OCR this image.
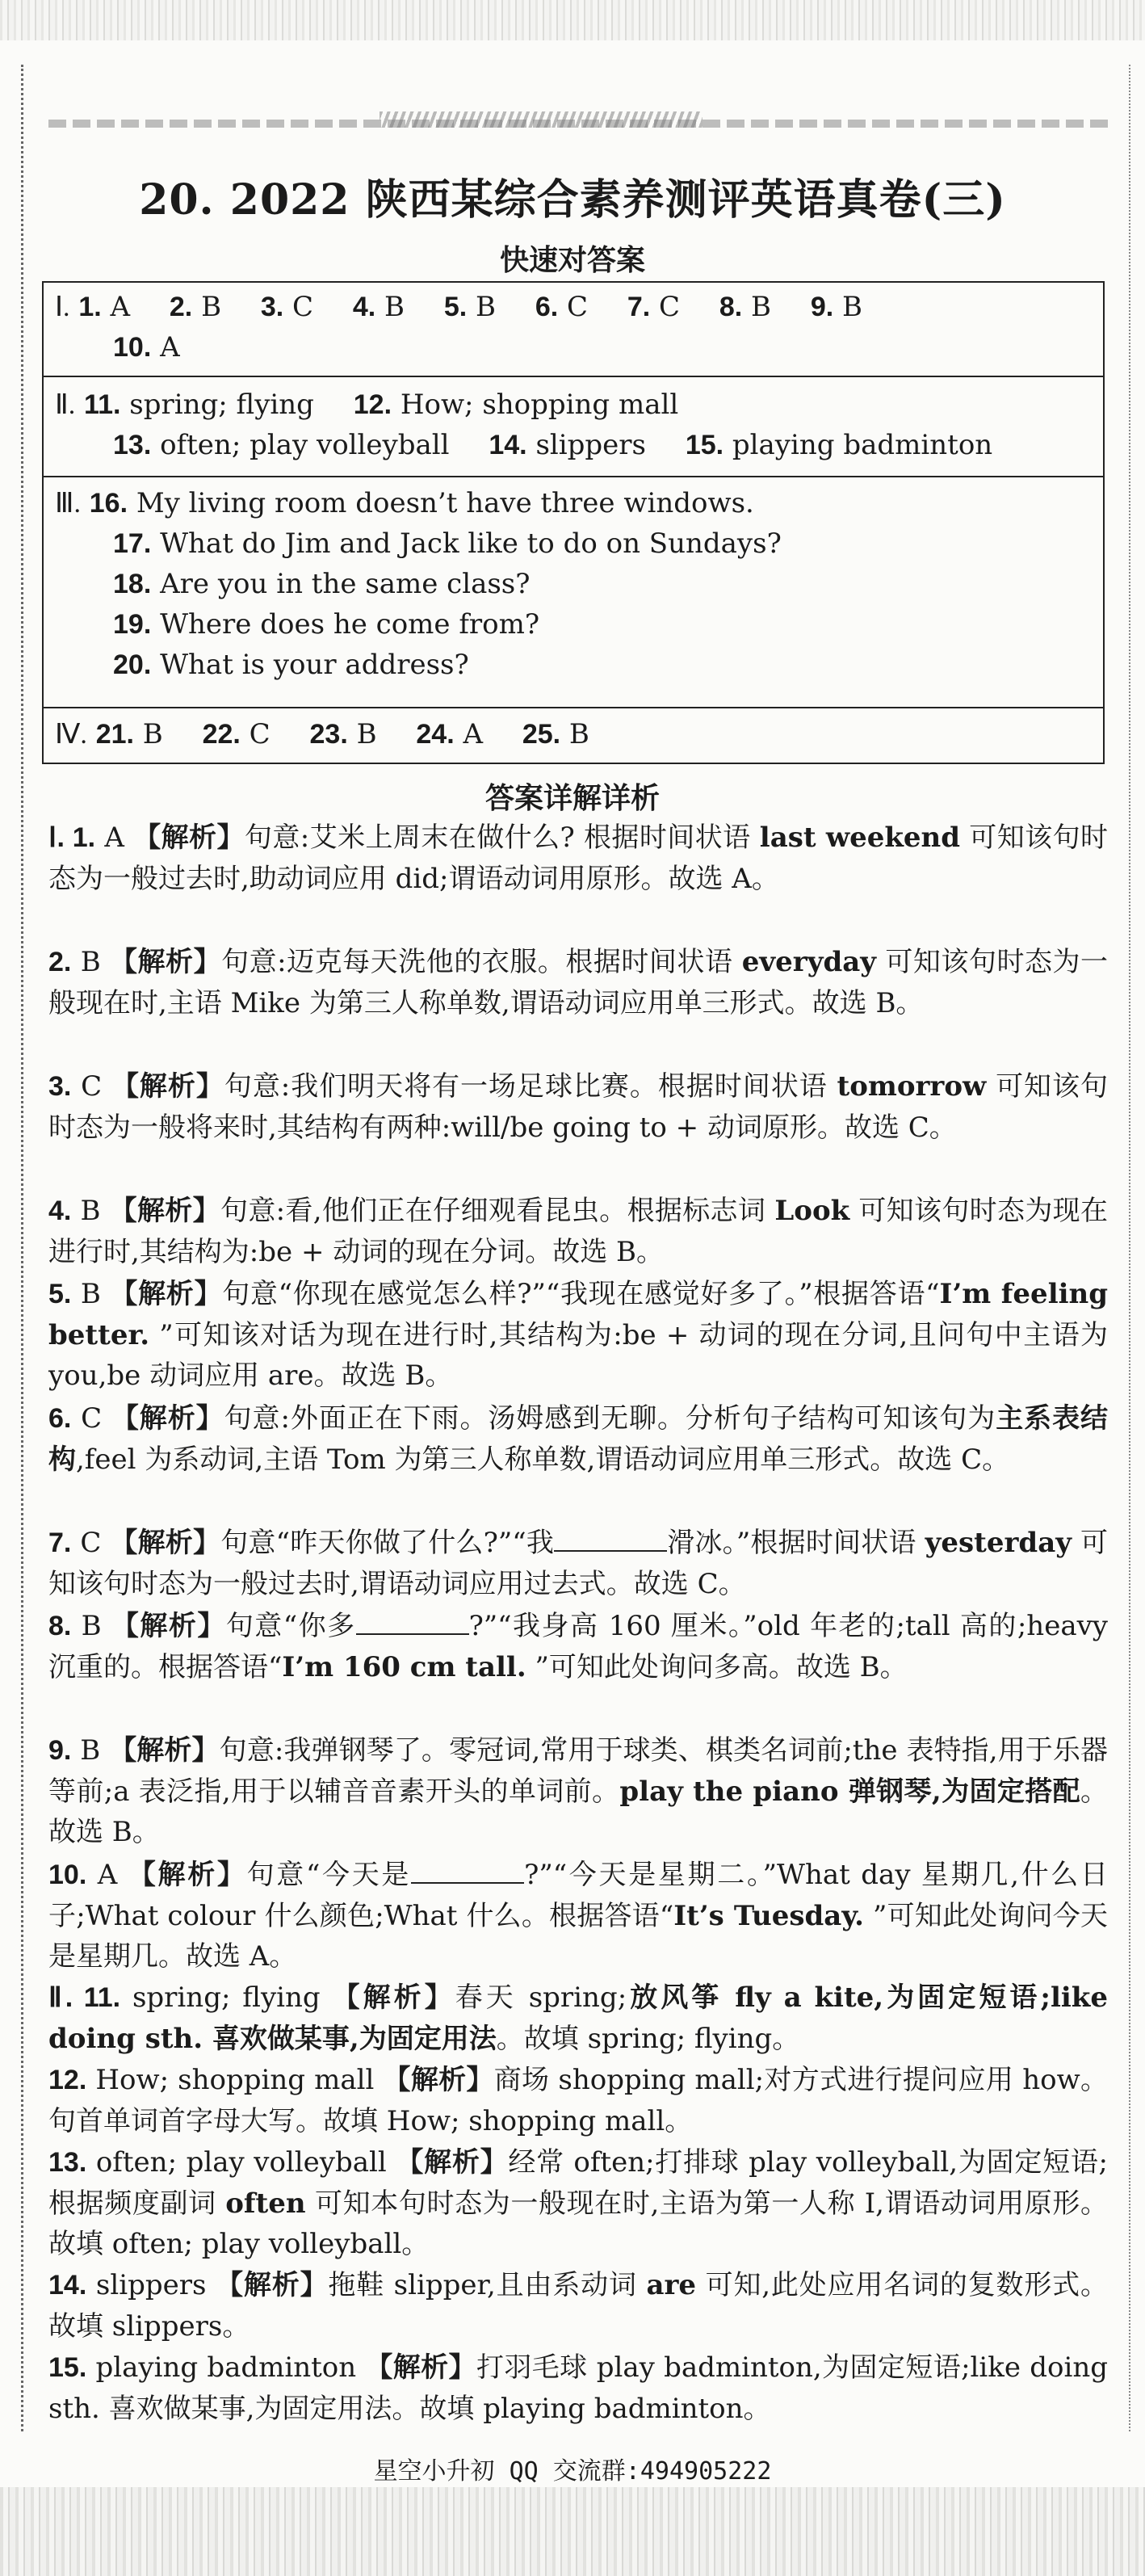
20. 2022 陕西某综合素养测评英语真卷(三)
快速对答案
Ⅰ. 1. A 2. B 3. C 4. B 5. B 6. C 7. C 8. B 9. B
10. A
Ⅱ. 11. spring; flying 12. How; shopping mall
13. often; play volleyball 14. slippers 15. playing badminton
Ⅲ. 16. My living room doesn’t have three windows.
17. What do Jim and Jack like to do on Sundays?
18. Are you in the same class?
19. Where does he come from?
20. What is your address?
Ⅳ. 21. B 22. C 23. B 24. A 25. B
答案详解详析
Ⅰ. 1. A 【解析】句意:艾米上周末在做什么? 根据时间状语 last weekend 可知该句时态为一般过去时,助动词应用 did;谓语动词用原形。故选 A。
2. B 【解析】句意:迈克每天洗他的衣服。根据时间状语 everyday 可知该句时态为一般现在时,主语 Mike 为第三人称单数,谓语动词应用单三形式。故选 B。
3. C 【解析】句意:我们明天将有一场足球比赛。根据时间状语 tomorrow 可知该句时态为一般将来时,其结构有两种:will/be going to + 动词原形。故选 C。
4. B 【解析】句意:看,他们正在仔细观看昆虫。根据标志词 Look 可知该句时态为现在进行时,其结构为:be + 动词的现在分词。故选 B。
5. B 【解析】句意“你现在感觉怎么样?”“我现在感觉好多了。”根据答语“I’m feeling better. ”可知该对话为现在进行时,其结构为:be + 动词的现在分词,且问句中主语为 you,be 动词应用 are。故选 B。
6. C 【解析】句意:外面正在下雨。汤姆感到无聊。分析句子结构可知该句为主系表结构,feel 为系动词,主语 Tom 为第三人称单数,谓语动词应用单三形式。故选 C。
7. C 【解析】句意“昨天你做了什么?”“我	滑冰。”根据时间状语 yesterday 可知该句时态为一般过去时,谓语动词应用过去式。故选 C。
8. B 【解析】句意“你多	?”“我身高 160 厘米。”old 年老的;tall 高的;heavy 沉重的。根据答语“I’m 160 cm tall. ”可知此处询问多高。故选 B。
9. B 【解析】句意:我弹钢琴了。零冠词,常用于球类、棋类名词前;the 表特指,用于乐器等前;a 表泛指,用于以辅音音素开头的单词前。play the piano 弹钢琴,为固定搭配。故选 B。
10. A 【解析】句意“今天是	?”“今天是星期二。”What day 星期几,什么日子;What colour 什么颜色;What 什么。根据答语“It’s Tuesday. ”可知此处询问今天是星期几。故选 A。
Ⅱ. 11. spring; flying 【解析】春天 spring;放风筝 fly a kite,为固定短语;like doing sth. 喜欢做某事,为固定用法。故填 spring; flying。
12. How; shopping mall 【解析】商场 shopping mall;对方式进行提问应用 how。句首单词首字母大写。故填 How; shopping mall。
13. often; play volleyball 【解析】经常 often;打排球 play volleyball,为固定短语;根据频度副词 often 可知本句时态为一般现在时,主语为第一人称 I,谓语动词用原形。故填 often; play volleyball。
14. slippers 【解析】拖鞋 slipper,且由系动词 are 可知,此处应用名词的复数形式。故填 slippers。
15. playing badminton 【解析】打羽毛球 play badminton,为固定短语;like doing sth. 喜欢做某事,为固定用法。故填 playing badminton。
星空小升初 QQ 交流群:494905222
